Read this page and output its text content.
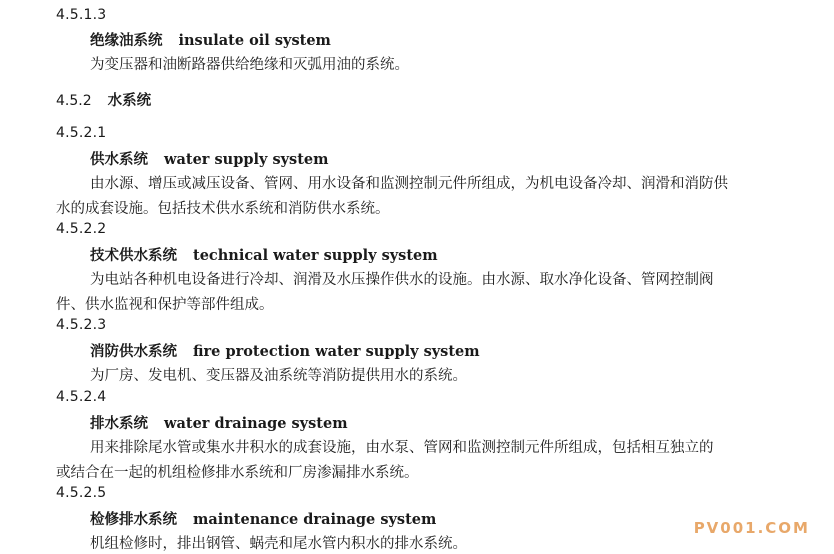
4.5.1.3
绝缘油系统 insulate oil system
为变压器和油断路器供给绝缘和灭弧用油的系统。
4.5.2 水系统
4.5.2.1
供水系统 water supply system
由水源、增压或减压设备、管网、用水设备和监测控制元件所组成，为机电设备冷却、润滑和消防供
水的成套设施。包括技术供水系统和消防供水系统。
4.5.2.2
技术供水系统 technical water supply system
为电站各种机电设备进行冷却、润滑及水压操作供水的设施。由水源、取水净化设备、管网控制阀
件、供水监视和保护等部件组成。
4.5.2.3
消防供水系统 fire protection water supply system
为厂房、发电机、变压器及油系统等消防提供用水的系统。
4.5.2.4
排水系统 water drainage system
用来排除尾水管或集水井积水的成套设施，由水泵、管网和监测控制元件所组成，包括相互独立的
或结合在一起的机组检修排水系统和厂房渗漏排水系统。
4.5.2.5
检修排水系统 maintenance drainage system
机组检修时，排出钢管、蜗壳和尾水管内积水的排水系统。
PV001.COM
